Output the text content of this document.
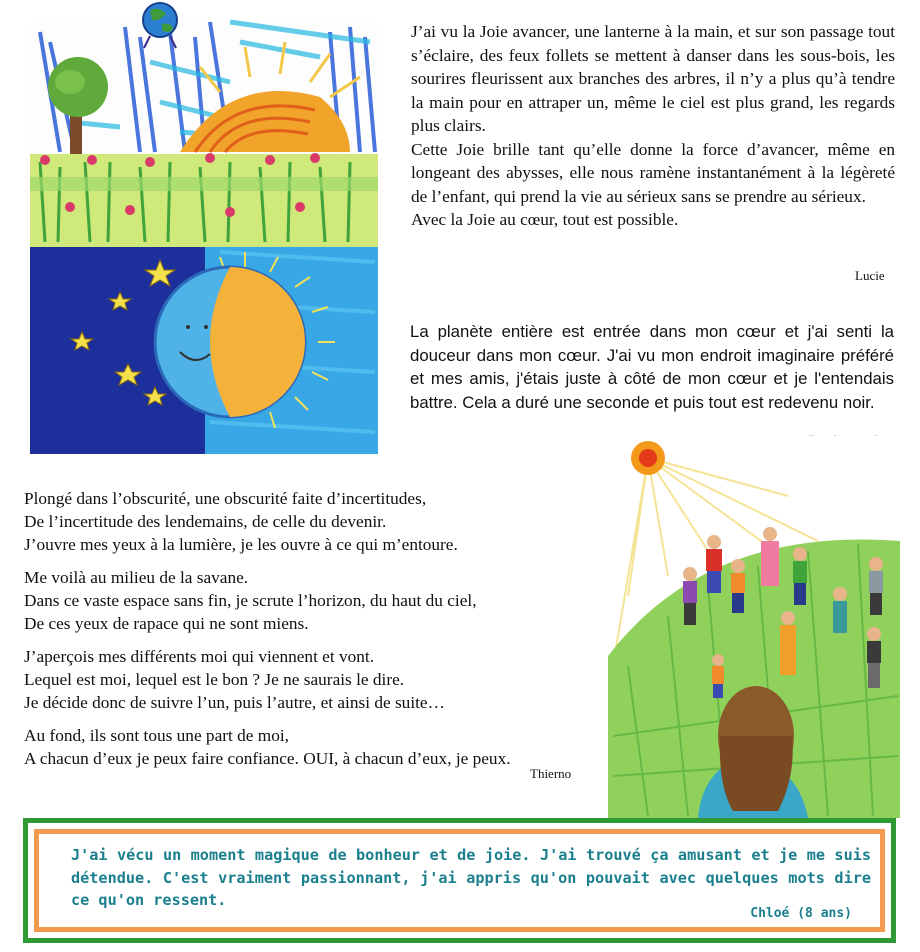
J’ai vu la Joie avancer, une lanterne à la main, et sur son passage tout s’éclaire, des feux follets se mettent à danser dans les sous-bois, les sourires fleurissent aux branches des arbres, il n’y a plus qu’à tendre la main pour en attraper un, même le ciel est plus grand, les regards plus clairs.

Cette Joie brille tant qu’elle donne la force d’avancer, même en longeant des abysses, elle nous ramène instantanément à la légèreté de l’enfant, qui prend la vie au sérieux sans se prendre au sérieux.

Avec la Joie au cœur, tout est possible.

Lucie

La planète entière est entrée dans mon cœur et j'ai senti la douceur dans mon cœur. J'ai vu mon endroit imaginaire préféré et mes amis, j'étais juste à côté de mon cœur et je l'entendais battre. Cela a duré une seconde et puis tout est redevenu noir.

Plongé dans l’obscurité, une obscurité faite d’incertitudes,

De l’incertitude des lendemains, de celle du devenir.

J’ouvre mes yeux à la lumière, je les ouvre à ce qui m’entoure.

Me voilà au milieu de la savane.

Dans ce vaste espace sans fin, je scrute l’horizon, du haut du ciel,

De ces yeux de rapace qui ne sont miens.

J’aperçois mes différents moi qui viennent et vont.

Lequel est moi, lequel est le bon ? Je ne saurais le dire.

Je décide donc de suivre l’un, puis l’autre, et ainsi de suite…

Au fond, ils sont tous une part de moi,

A chacun d’eux je peux faire confiance. OUI, à chacun d’eux, je peux.

Thierno
J'ai vécu un moment magique de bonheur et de joie. J'ai trouvé ça amusant et je me suis détendue. C'est vraiment passionnant, j'ai appris qu'on pouvait avec quelques mots dire ce qu'on ressent.
Chloé (8 ans)
